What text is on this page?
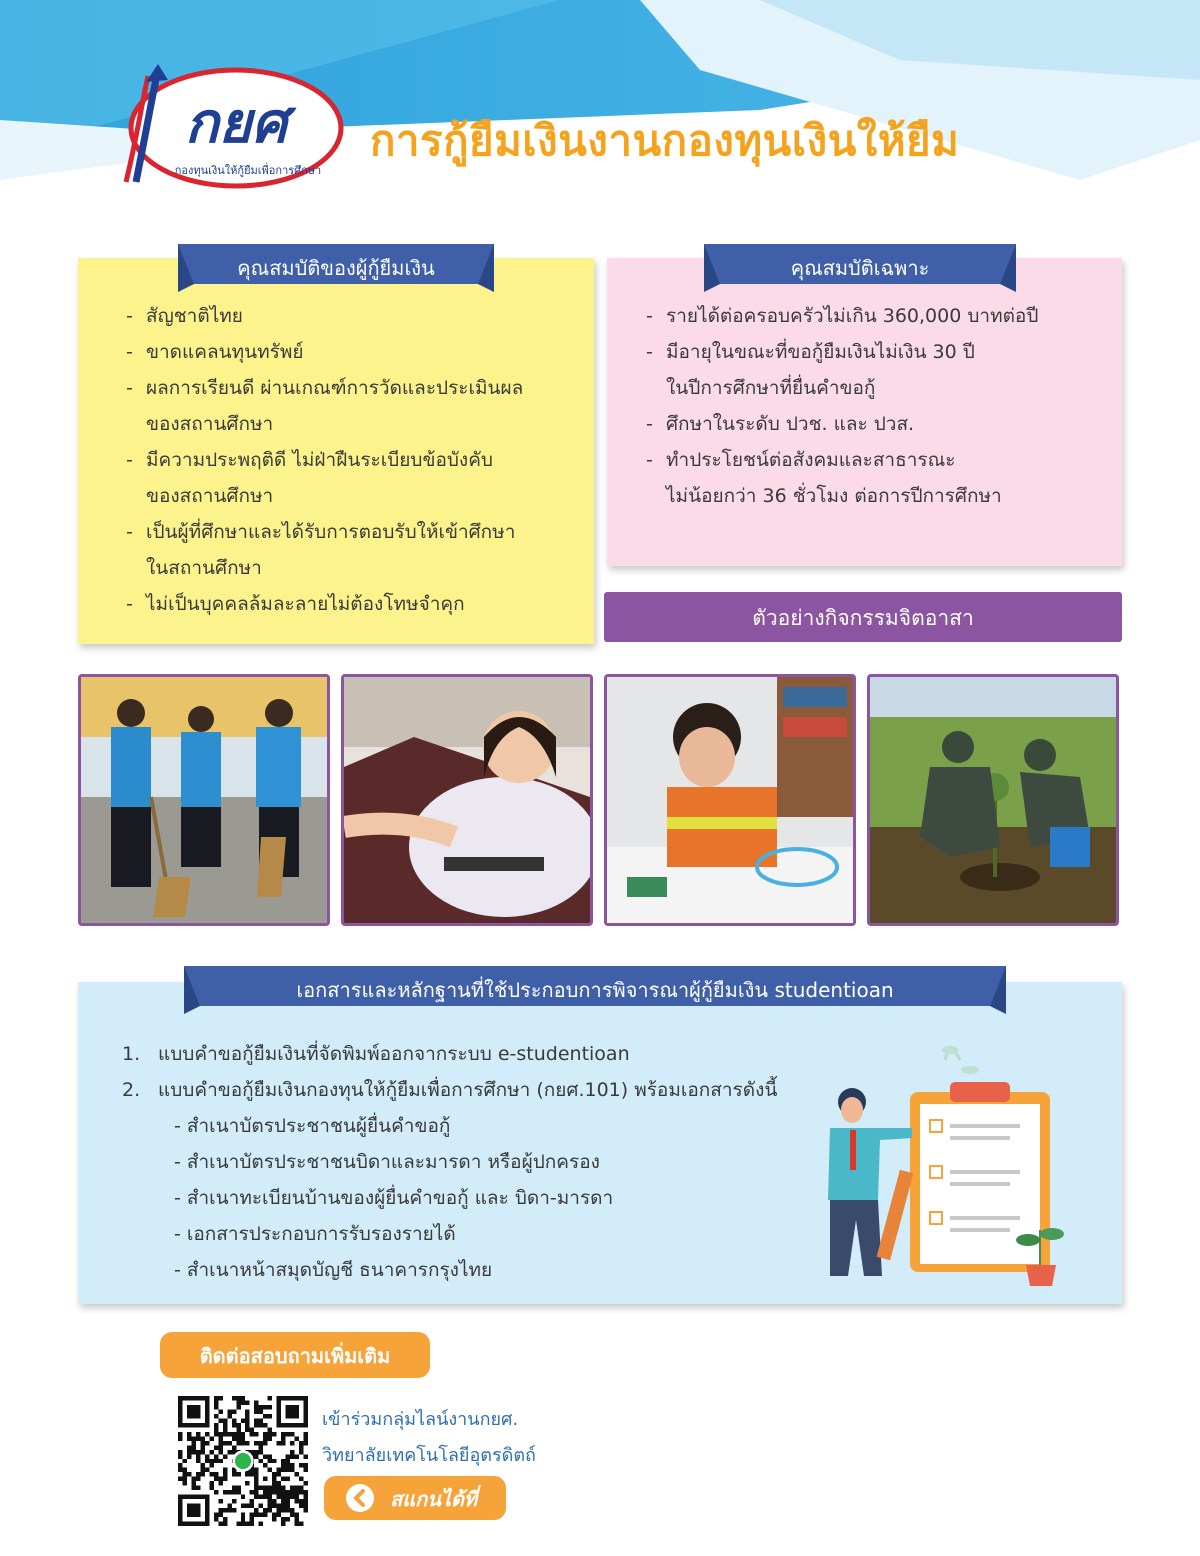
กยศ
กองทุนเงินให้กู้ยืมเพื่อการศึกษา
การกู้ยืมเงินงานกองทุนเงินให้ยืม
คุณสมบัติของผู้กู้ยืมเงิน
- สัญชาติไทย
- ขาดแคลนทุนทรัพย์
- ผลการเรียนดี ผ่านเกณฑ์การวัดและประเมินผล
ของสถานศึกษา
- มีความประพฤติดี ไม่ฝ่าฝืนระเบียบข้อบังคับ
ของสถานศึกษา
- เป็นผู้ที่ศึกษาและได้รับการตอบรับให้เข้าศึกษา
ในสถานศึกษา
- ไม่เป็นบุคคลล้มละลายไม่ต้องโทษจำคุก
คุณสมบัติเฉพาะ
- รายได้ต่อครอบครัวไม่เกิน 360,000 บาทต่อปี
- มีอายุในขณะที่ขอกู้ยืมเงินไม่เงิน 30 ปี
ในปีการศึกษาที่ยื่นคำขอกู้
- ศึกษาในระดับ ปวช. และ ปวส.
- ทำประโยชน์ต่อสังคมและสาธารณะ
ไม่น้อยกว่า 36 ชั่วโมง ต่อการปีการศึกษา
ตัวอย่างกิจกรรมจิตอาสา
เอกสารและหลักฐานที่ใช้ประกอบการพิจารณาผู้กู้ยืมเงิน studentioan
1. แบบคำขอกู้ยืมเงินที่จัดพิมพ์ออกจากระบบ e-studentioan
2. แบบคำขอกู้ยืมเงินกองทุนให้กู้ยืมเพื่อการศึกษา (กยศ.101) พร้อมเอกสารดังนี้
- สำเนาบัตรประชาชนผู้ยื่นคำขอกู้
- สำเนาบัตรประชาชนบิดาและมารดา หรือผู้ปกครอง
- สำเนาทะเบียนบ้านของผู้ยื่นคำขอกู้ และ บิดา-มารดา
- เอกสารประกอบการรับรองรายได้
- สำเนาหน้าสมุดบัญชี ธนาคารกรุงไทย
ติดต่อสอบถามเพิ่มเติม
เข้าร่วมกลุ่มไลน์งานกยศ.
วิทยาลัยเทคโนโลยีอุตรดิตถ์
สแกนได้ที่
